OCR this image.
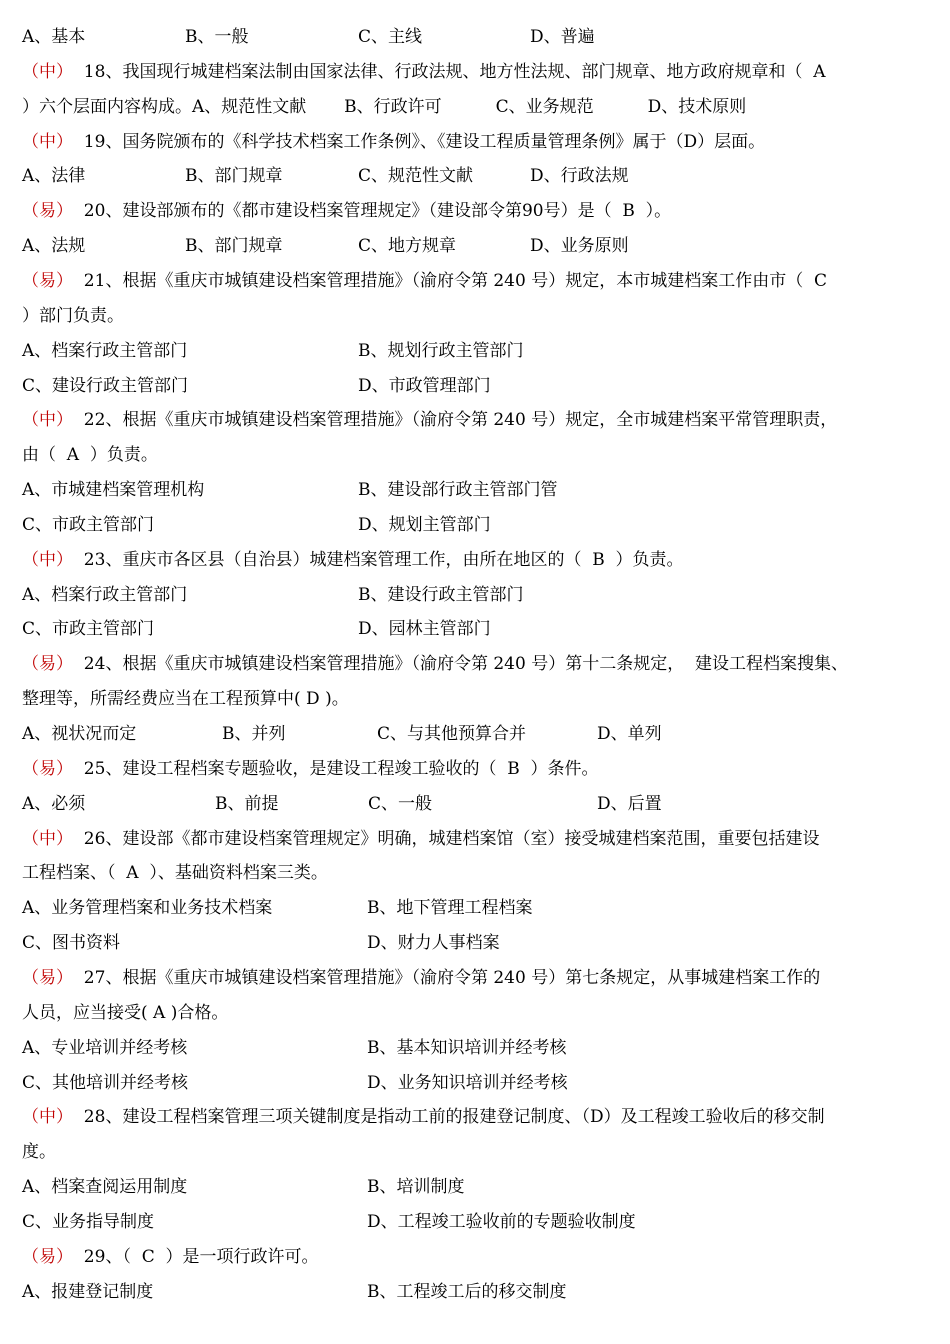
A、基本	B、一般	C、主线	D、普遍
（中）  18、我国现行城建档案法制由国家法律、行政法规、地方性法规、部门规章、地方政府规章和（  A
）六个层面内容构成。A、规范性文献       B、行政许可          C、业务规范          D、技术原则
（中）  19、国务院颁布的《科学技术档案工作条例》、《建设工程质量管理条例》属于（D）层面。
A、法律	B、部门规章	C、规范性文献	D、行政法规
（易）  20、建设部颁布的《都市建设档案管理规定》（建设部令第90号）是（  B  ）。
A、法规	B、部门规章	C、地方规章	D、业务原则
（易）  21、根据《重庆市城镇建设档案管理措施》（渝府令第 240 号）规定，本市城建档案工作由市（  C
）部门负责。
A、档案行政主管部门	B、规划行政主管部门
C、建设行政主管部门	D、市政管理部门
（中）  22、根据《重庆市城镇建设档案管理措施》（渝府令第 240 号）规定，全市城建档案平常管理职责，
由（  A  ）负责。
A、市城建档案管理机构	B、建设部行政主管部门管
C、市政主管部门	D、规划主管部门
（中）  23、重庆市各区县（自治县）城建档案管理工作，由所在地区的（  B  ）负责。
A、档案行政主管部门	B、建设行政主管部门
C、市政主管部门	D、园林主管部门
（易）  24、根据《重庆市城镇建设档案管理措施》（渝府令第 240 号）第十二条规定，  建设工程档案搜集、
整理等，所需经费应当在工程预算中( D )。
A、视状况而定	B、并列	C、与其他预算合并	D、单列
（易）  25、建设工程档案专题验收，是建设工程竣工验收的（  B  ）条件。
A、必须	B、前提	C、一般	D、后置
（中）  26、建设部《都市建设档案管理规定》明确，城建档案馆（室）接受城建档案范围，重要包括建设
工程档案、（  A  ）、基础资料档案三类。
A、业务管理档案和业务技术档案	B、地下管理工程档案
C、图书资料	D、财力人事档案
（易）  27、根据《重庆市城镇建设档案管理措施》（渝府令第 240 号）第七条规定，从事城建档案工作的
人员，应当接受( A )合格。
A、专业培训并经考核	B、基本知识培训并经考核
C、其他培训并经考核	D、业务知识培训并经考核
（中）  28、建设工程档案管理三项关键制度是指动工前的报建登记制度、（D）及工程竣工验收后的移交制
度。
A、档案查阅运用制度	B、培训制度
C、业务指导制度	D、工程竣工验收前的专题验收制度
（易）  29、（  C  ）是一项行政许可。
A、报建登记制度	B、工程竣工后的移交制度
